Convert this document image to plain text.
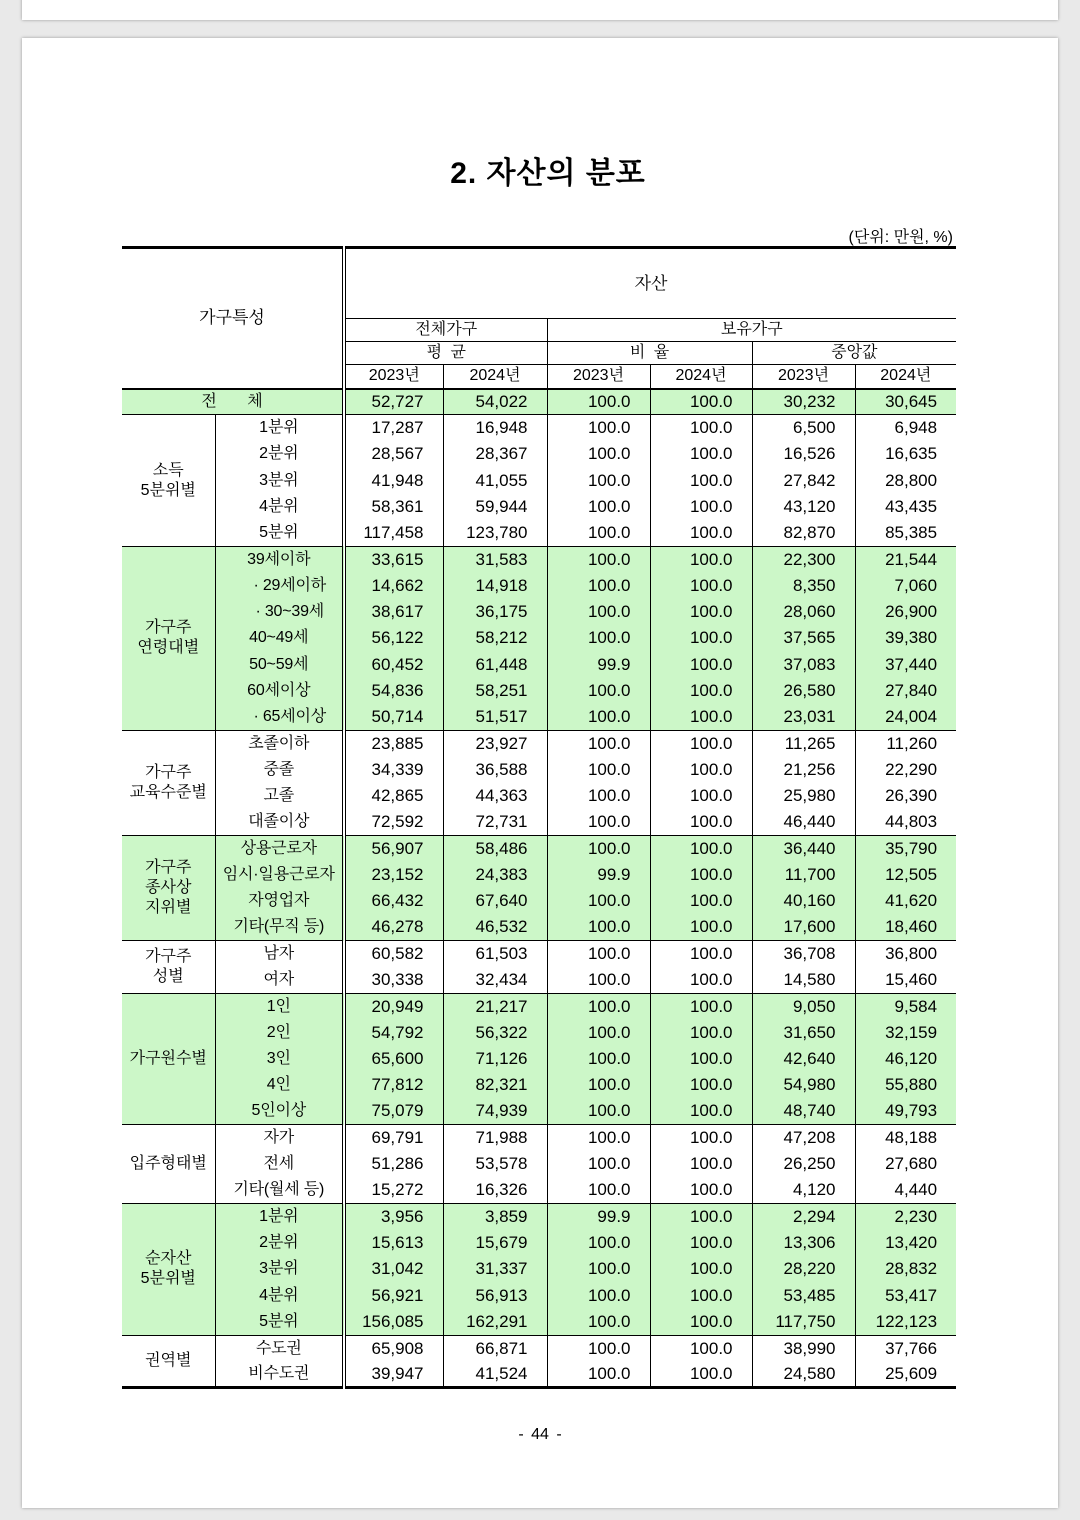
2. 자산의 분포
(단위: 만원, %)
가구특성		자산					
		전체가구		보유가구			
		평 균		비 율		중앙값	
		2023년	2024년	2023년	2024년	2023년	2024년
전 체		52,727	54,022	100.0	100.0	30,232	30,645

소득
5분위별	1분위	17,287	16,948	100.0	100.0	6,500	6,948
	2분위	28,567	28,367	100.0	100.0	16,526	16,635
	3분위	41,948	41,055	100.0	100.0	27,842	28,800
	4분위	58,361	59,944	100.0	100.0	43,120	43,435
	5분위	117,458	123,780	100.0	100.0	82,870	85,385

가구주
연령대별	39세이하	33,615	31,583	100.0	100.0	22,300	21,544
	· 29세이하	14,662	14,918	100.0	100.0	8,350	7,060
	· 30~39세	38,617	36,175	100.0	100.0	28,060	26,900
	40~49세	56,122	58,212	100.0	100.0	37,565	39,380
	50~59세	60,452	61,448	99.9	100.0	37,083	37,440
	60세이상	54,836	58,251	100.0	100.0	26,580	27,840
	· 65세이상	50,714	51,517	100.0	100.0	23,031	24,004

가구주
교육수준별	초졸이하	23,885	23,927	100.0	100.0	11,265	11,260
	중졸	34,339	36,588	100.0	100.0	21,256	22,290
	고졸	42,865	44,363	100.0	100.0	25,980	26,390
	대졸이상	72,592	72,731	100.0	100.0	46,440	44,803

가구주
종사상
지위별	상용근로자	56,907	58,486	100.0	100.0	36,440	35,790
	임시·일용근로자	23,152	24,383	99.9	100.0	11,700	12,505
	자영업자	66,432	67,640	100.0	100.0	40,160	41,620
	기타(무직 등)	46,278	46,532	100.0	100.0	17,600	18,460

가구주
성별	남자	60,582	61,503	100.0	100.0	36,708	36,800
	여자	30,338	32,434	100.0	100.0	14,580	15,460

가구원수별	1인	20,949	21,217	100.0	100.0	9,050	9,584
	2인	54,792	56,322	100.0	100.0	31,650	32,159
	3인	65,600	71,126	100.0	100.0	42,640	46,120
	4인	77,812	82,321	100.0	100.0	54,980	55,880
	5인이상	75,079	74,939	100.0	100.0	48,740	49,793

입주형태별	자가	69,791	71,988	100.0	100.0	47,208	48,188
	전세	51,286	53,578	100.0	100.0	26,250	27,680
	기타(월세 등)	15,272	16,326	100.0	100.0	4,120	4,440

순자산
5분위별	1분위	3,956	3,859	99.9	100.0	2,294	2,230
	2분위	15,613	15,679	100.0	100.0	13,306	13,420
	3분위	31,042	31,337	100.0	100.0	28,220	28,832
	4분위	56,921	56,913	100.0	100.0	53,485	53,417
	5분위	156,085	162,291	100.0	100.0	117,750	122,123

권역별	수도권	65,908	66,871	100.0	100.0	38,990	37,766
	비수도권	39,947	41,524	100.0	100.0	24,580	25,609
- 44 -
